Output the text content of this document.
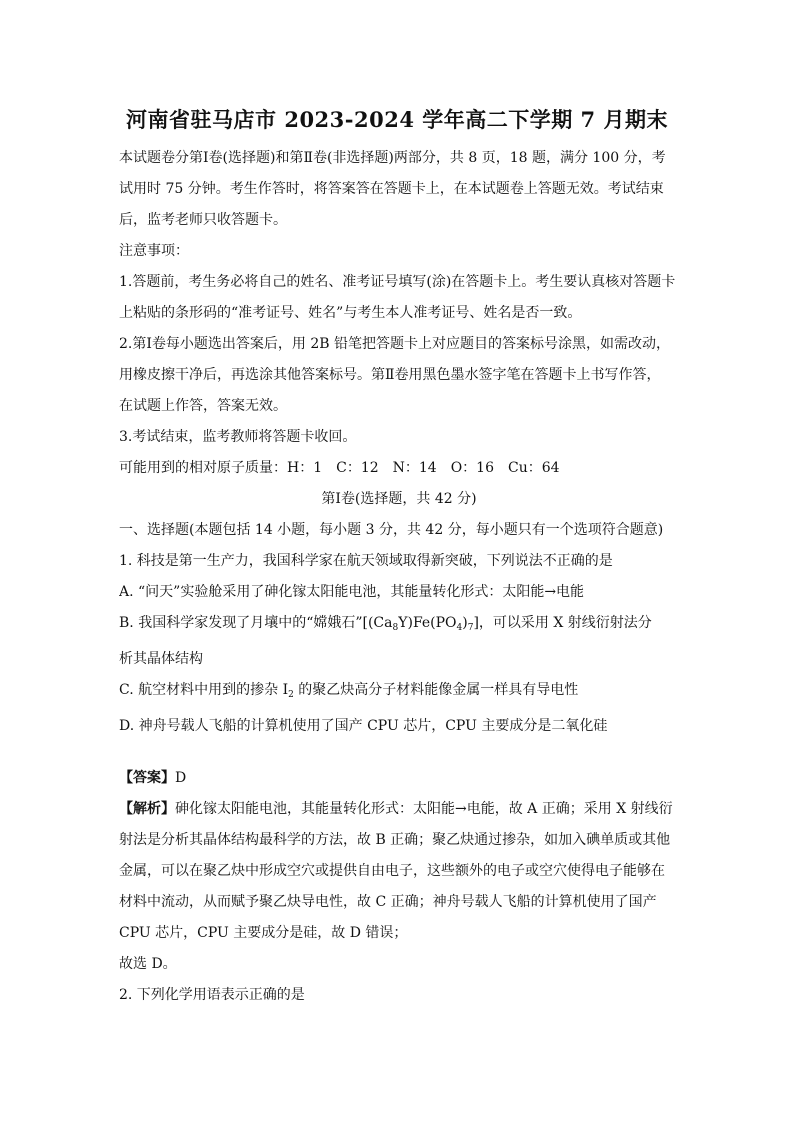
河南省驻马店市 2023-2024 学年高二下学期 7 月期末
本试题卷分第Ⅰ卷(选择题)和第Ⅱ卷(非选择题)两部分，共 8 页，18 题，满分 100 分，考
试用时 75 分钟。考生作答时，将答案答在答题卡上，在本试题卷上答题无效。考试结束
后，监考老师只收答题卡。
注意事项：
1.答题前，考生务必将自己的姓名、准考证号填写(涂)在答题卡上。考生要认真核对答题卡
上粘贴的条形码的“准考证号、姓名”与考生本人准考证号、姓名是否一致。
2.第Ⅰ卷每小题选出答案后，用 2B 铅笔把答题卡上对应题目的答案标号涂黑，如需改动，
用橡皮擦干净后，再选涂其他答案标号。第Ⅱ卷用黑色墨水签字笔在答题卡上书写作答，
在试题上作答，答案无效。
3.考试结束，监考教师将答题卡收回。
可能用到的相对原子质量：H：1　C：12　N：14　O：16　Cu：64
第Ⅰ卷(选择题，共 42 分)
一、选择题(本题包括 14 小题，每小题 3 分，共 42 分，每小题只有一个选项符合题意)
1. 科技是第一生产力，我国科学家在航天领域取得新突破，下列说法不正确的是
A. “问天”实验舱采用了砷化镓太阳能电池，其能量转化形式：太阳能→电能
B. 我国科学家发现了月壤中的“嫦娥石$”[(Ca_8Y)Fe(PO_4)_7]$，可以采用 X 射线衍射法分
析其晶体结构
C. 航空材料中用到的掺杂 $I_2$ 的聚乙炔高分子材料能像金属一样具有导电性
D. 神舟号载人飞船的计算机使用了国产 CPU 芯片，CPU 主要成分是二氧化硅
【答案】D
【解析】砷化镓太阳能电池，其能量转化形式：太阳能→电能，故 A 正确；采用 X 射线衍
射法是分析其晶体结构最科学的方法，故 B 正确；聚乙炔通过掺杂，如加入碘单质或其他
金属，可以在聚乙炔中形成空穴或提供自由电子，这些额外的电子或空穴使得电子能够在
材料中流动，从而赋予聚乙炔导电性，故 C 正确；神舟号载人飞船的计算机使用了国产
CPU 芯片，CPU 主要成分是硅，故 D 错误；
故选 D。
2. 下列化学用语表示正确的是
